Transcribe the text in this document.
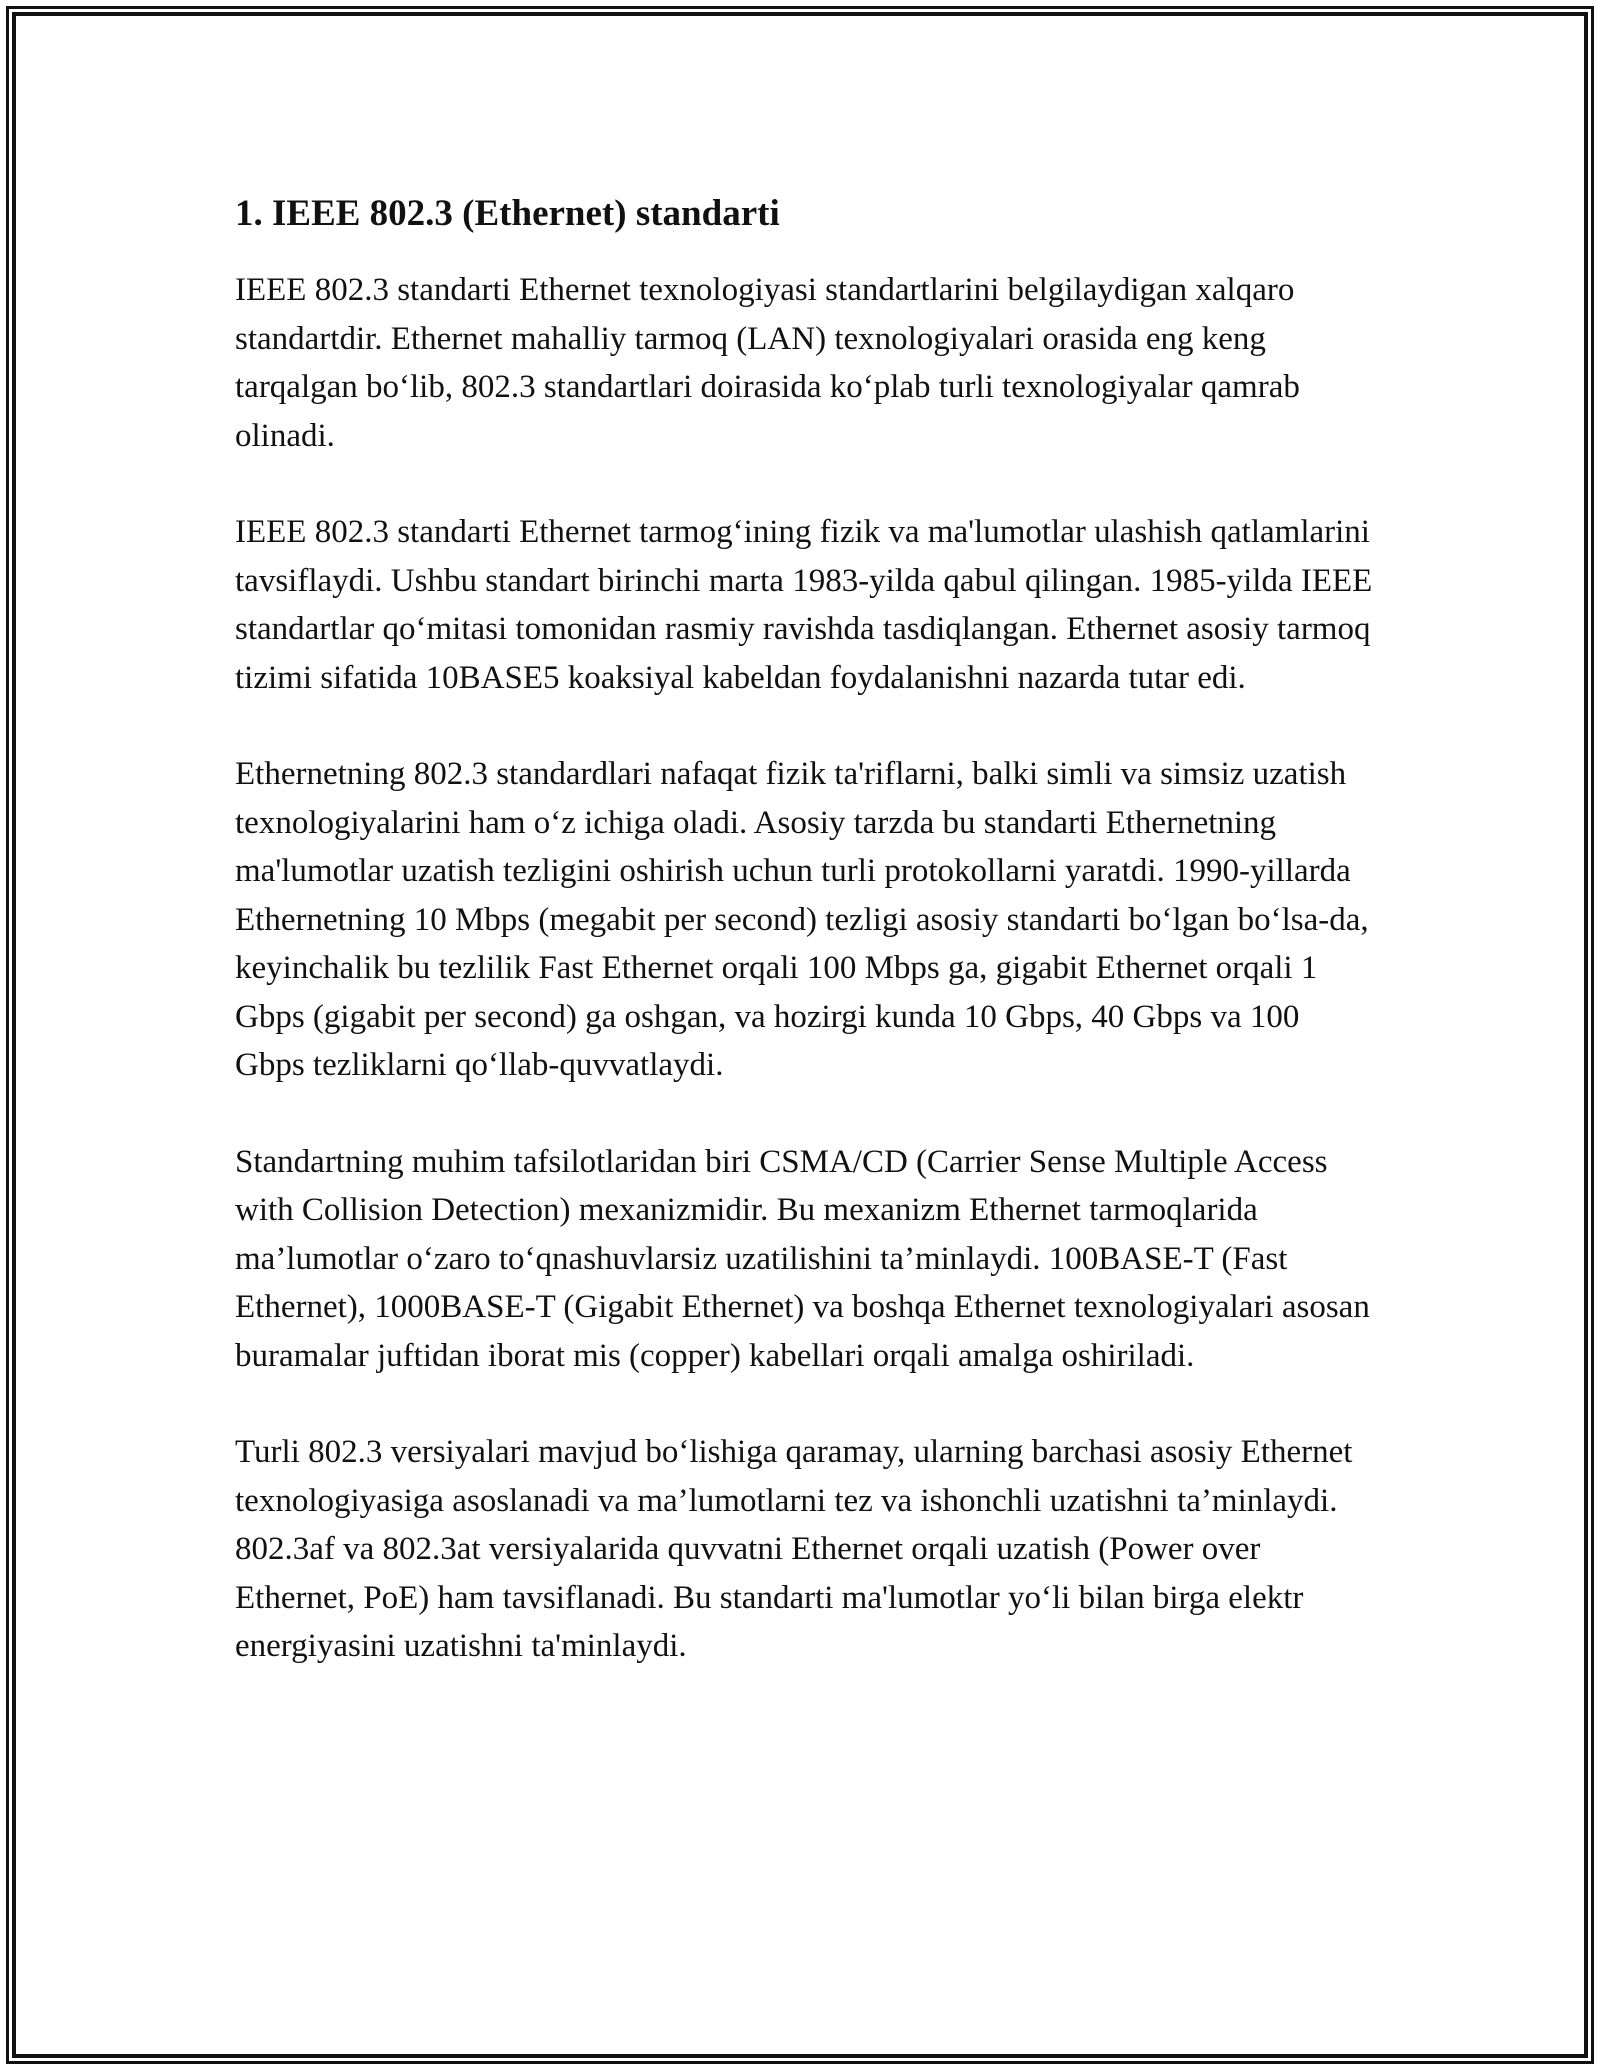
1. IEEE 802.3 (Ethernet) standarti

IEEE 802.3 standarti Ethernet texnologiyasi standartlarini belgilaydigan xalqaro standartdir. Ethernet mahalliy tarmoq (LAN) texnologiyalari orasida eng keng tarqalgan bo‘lib, 802.3 standartlari doirasida ko‘plab turli texnologiyalar qamrab olinadi.

IEEE 802.3 standarti Ethernet tarmog‘ining fizik va ma'lumotlar ulashish qatlamlarini tavsiflaydi. Ushbu standart birinchi marta 1983-yilda qabul qilingan. 1985-yilda IEEE standartlar qo‘mitasi tomonidan rasmiy ravishda tasdiqlangan. Ethernet asosiy tarmoq tizimi sifatida 10BASE5 koaksiyal kabeldan foydalanishni nazarda tutar edi.

Ethernetning 802.3 standardlari nafaqat fizik ta'riflarni, balki simli va simsiz uzatish texnologiyalarini ham o‘z ichiga oladi. Asosiy tarzda bu standarti Ethernetning ma'lumotlar uzatish tezligini oshirish uchun turli protokollarni yaratdi. 1990-yillarda Ethernetning 10 Mbps (megabit per second) tezligi asosiy standarti bo‘lgan bo‘lsa-da, keyinchalik bu tezlilik Fast Ethernet orqali 100 Mbps ga, gigabit Ethernet orqali 1 Gbps (gigabit per second) ga oshgan, va hozirgi kunda 10 Gbps, 40 Gbps va 100 Gbps tezliklarni qo‘llab-quvvatlaydi.

Standartning muhim tafsilotlaridan biri CSMA/CD (Carrier Sense Multiple Access with Collision Detection) mexanizmidir. Bu mexanizm Ethernet tarmoqlarida ma’lumotlar o‘zaro to‘qnashuvlarsiz uzatilishini ta’minlaydi. 100BASE-T (Fast Ethernet), 1000BASE-T (Gigabit Ethernet) va boshqa Ethernet texnologiyalari asosan buramalar juftidan iborat mis (copper) kabellari orqali amalga oshiriladi.

Turli 802.3 versiyalari mavjud bo‘lishiga qaramay, ularning barchasi asosiy Ethernet texnologiyasiga asoslanadi va ma’lumotlarni tez va ishonchli uzatishni ta’minlaydi. 802.3af va 802.3at versiyalarida quvvatni Ethernet orqali uzatish (Power over Ethernet, PoE) ham tavsiflanadi. Bu standarti ma'lumotlar yo‘li bilan birga elektr energiyasini uzatishni ta'minlaydi.
